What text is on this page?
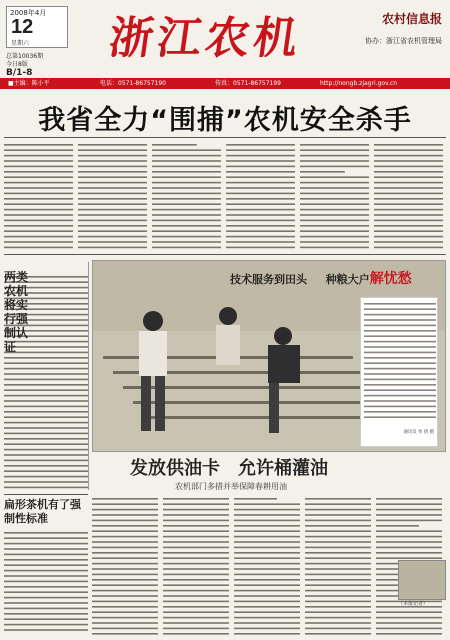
2008年4月
12
星期六
总第10036期
今日8版
B/1-8
浙江农机	农村信息报
协办：浙江省农机管理局
■主编：陈小平	电话：0571-86757190	传真：0571-86757199	http://nongb.zjagri.gov.cn
我省全力“围捕”农机安全杀手
两类农机将实行强制认证
技术服务到田头 　 种粮大户解忧愁
通讯员 单 倩 摄
发放供油卡　允许桶灌油
农机部门多措并举保障春耕用油
扁形茶机有了强制性标准
（本报记者）
